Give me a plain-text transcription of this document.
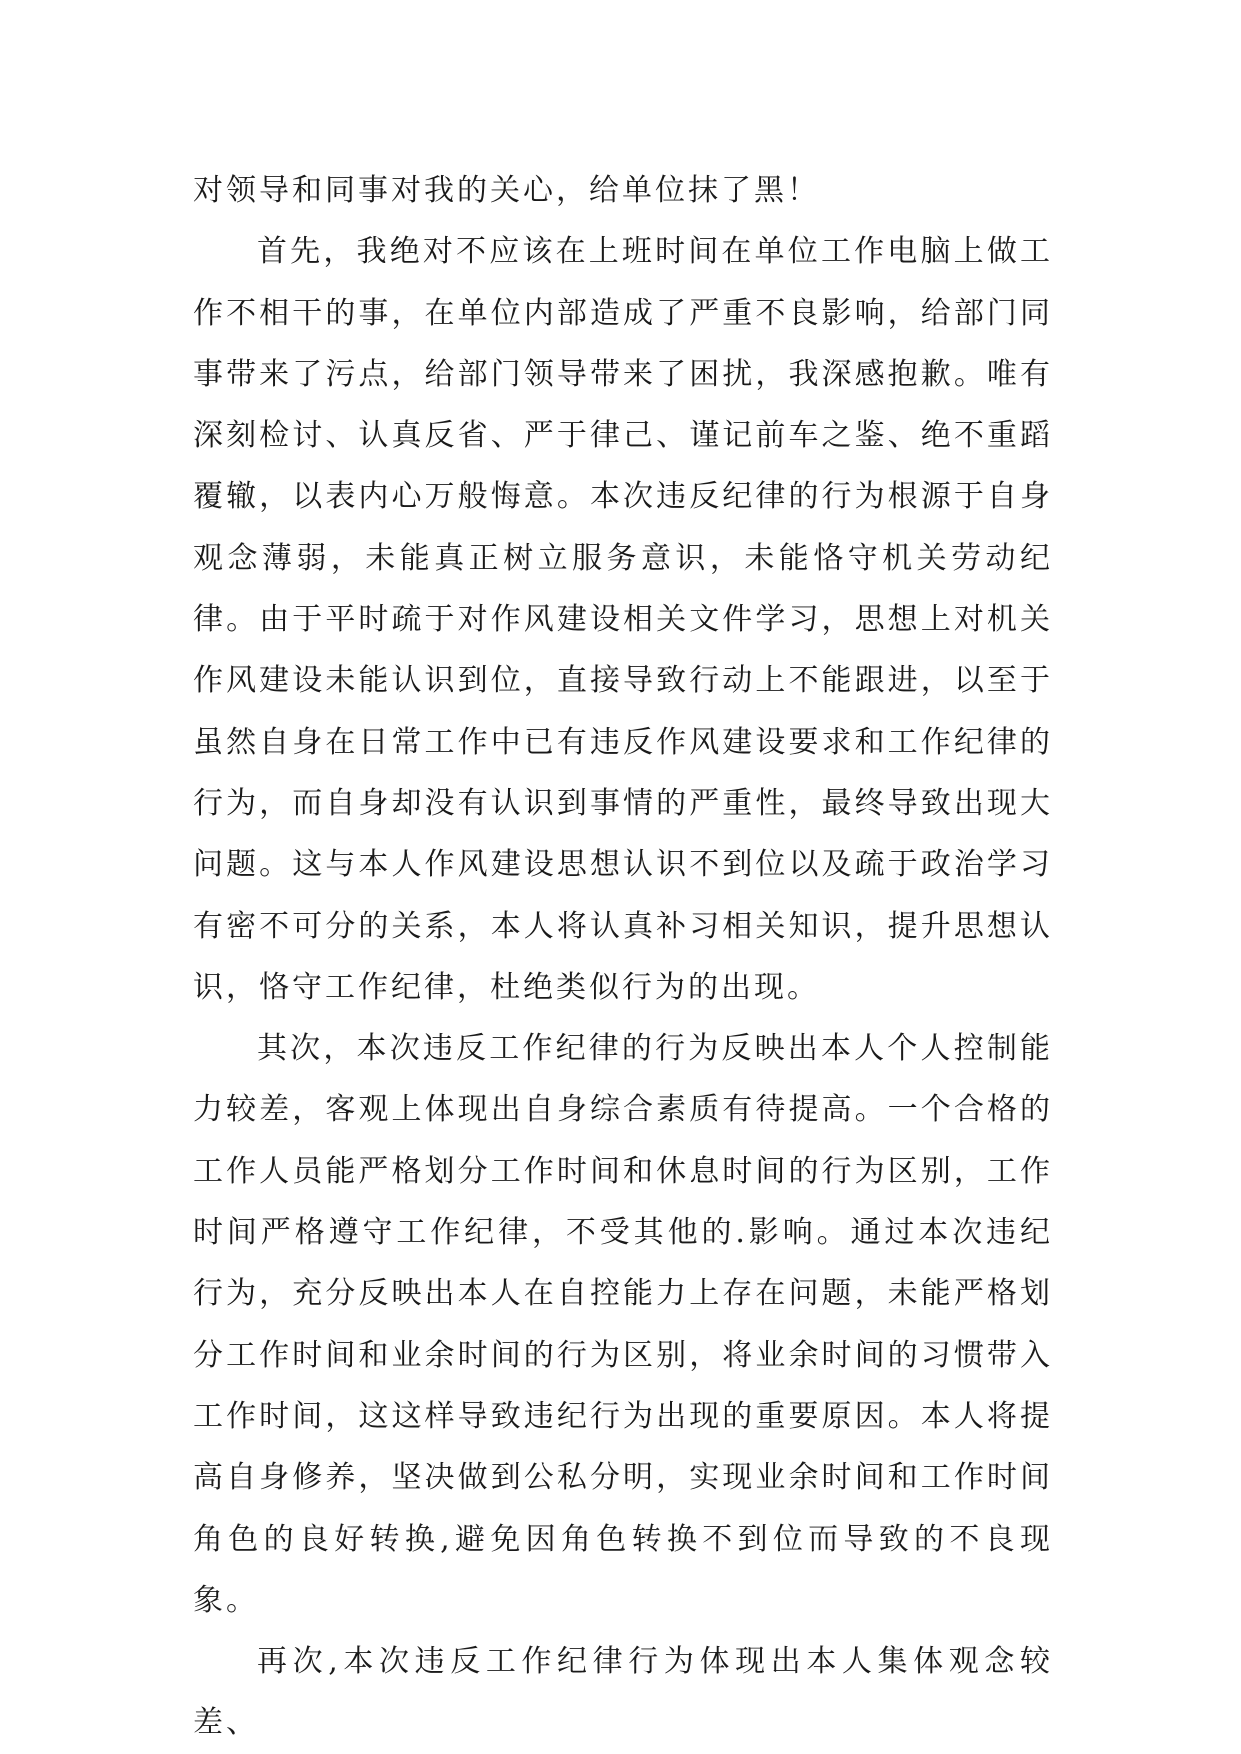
对领导和同事对我的关心，给单位抹了黑！

首先，我绝对不应该在上班时间在单位工作电脑上做工作不相干的事，在单位内部造成了严重不良影响，给部门同事带来了污点，给部门领导带来了困扰，我深感抱歉。唯有深刻检讨、认真反省、严于律己、谨记前车之鉴、绝不重蹈覆辙，以表内心万般悔意。本次违反纪律的行为根源于自身观念薄弱，未能真正树立服务意识，未能恪守机关劳动纪律。由于平时疏于对作风建设相关文件学习，思想上对机关作风建设未能认识到位，直接导致行动上不能跟进，以至于虽然自身在日常工作中已有违反作风建设要求和工作纪律的行为，而自身却没有认识到事情的严重性，最终导致出现大问题。这与本人作风建设思想认识不到位以及疏于政治学习有密不可分的关系，本人将认真补习相关知识，提升思想认识，恪守工作纪律，杜绝类似行为的出现。

其次，本次违反工作纪律的行为反映出本人个人控制能力较差，客观上体现出自身综合素质有待提高。一个合格的工作人员能严格划分工作时间和休息时间的行为区别，工作时间严格遵守工作纪律，不受其他的.影响。通过本次违纪行为，充分反映出本人在自控能力上存在问题，未能严格划分工作时间和业余时间的行为区别，将业余时间的习惯带入工作时间，这这样导致违纪行为出现的重要原因。本人将提高自身修养，坚决做到公私分明，实现业余时间和工作时间角色的良好转换,避免因角色转换不到位而导致的不良现象。

再次,本次违反工作纪律行为体现出本人集体观念较差、
